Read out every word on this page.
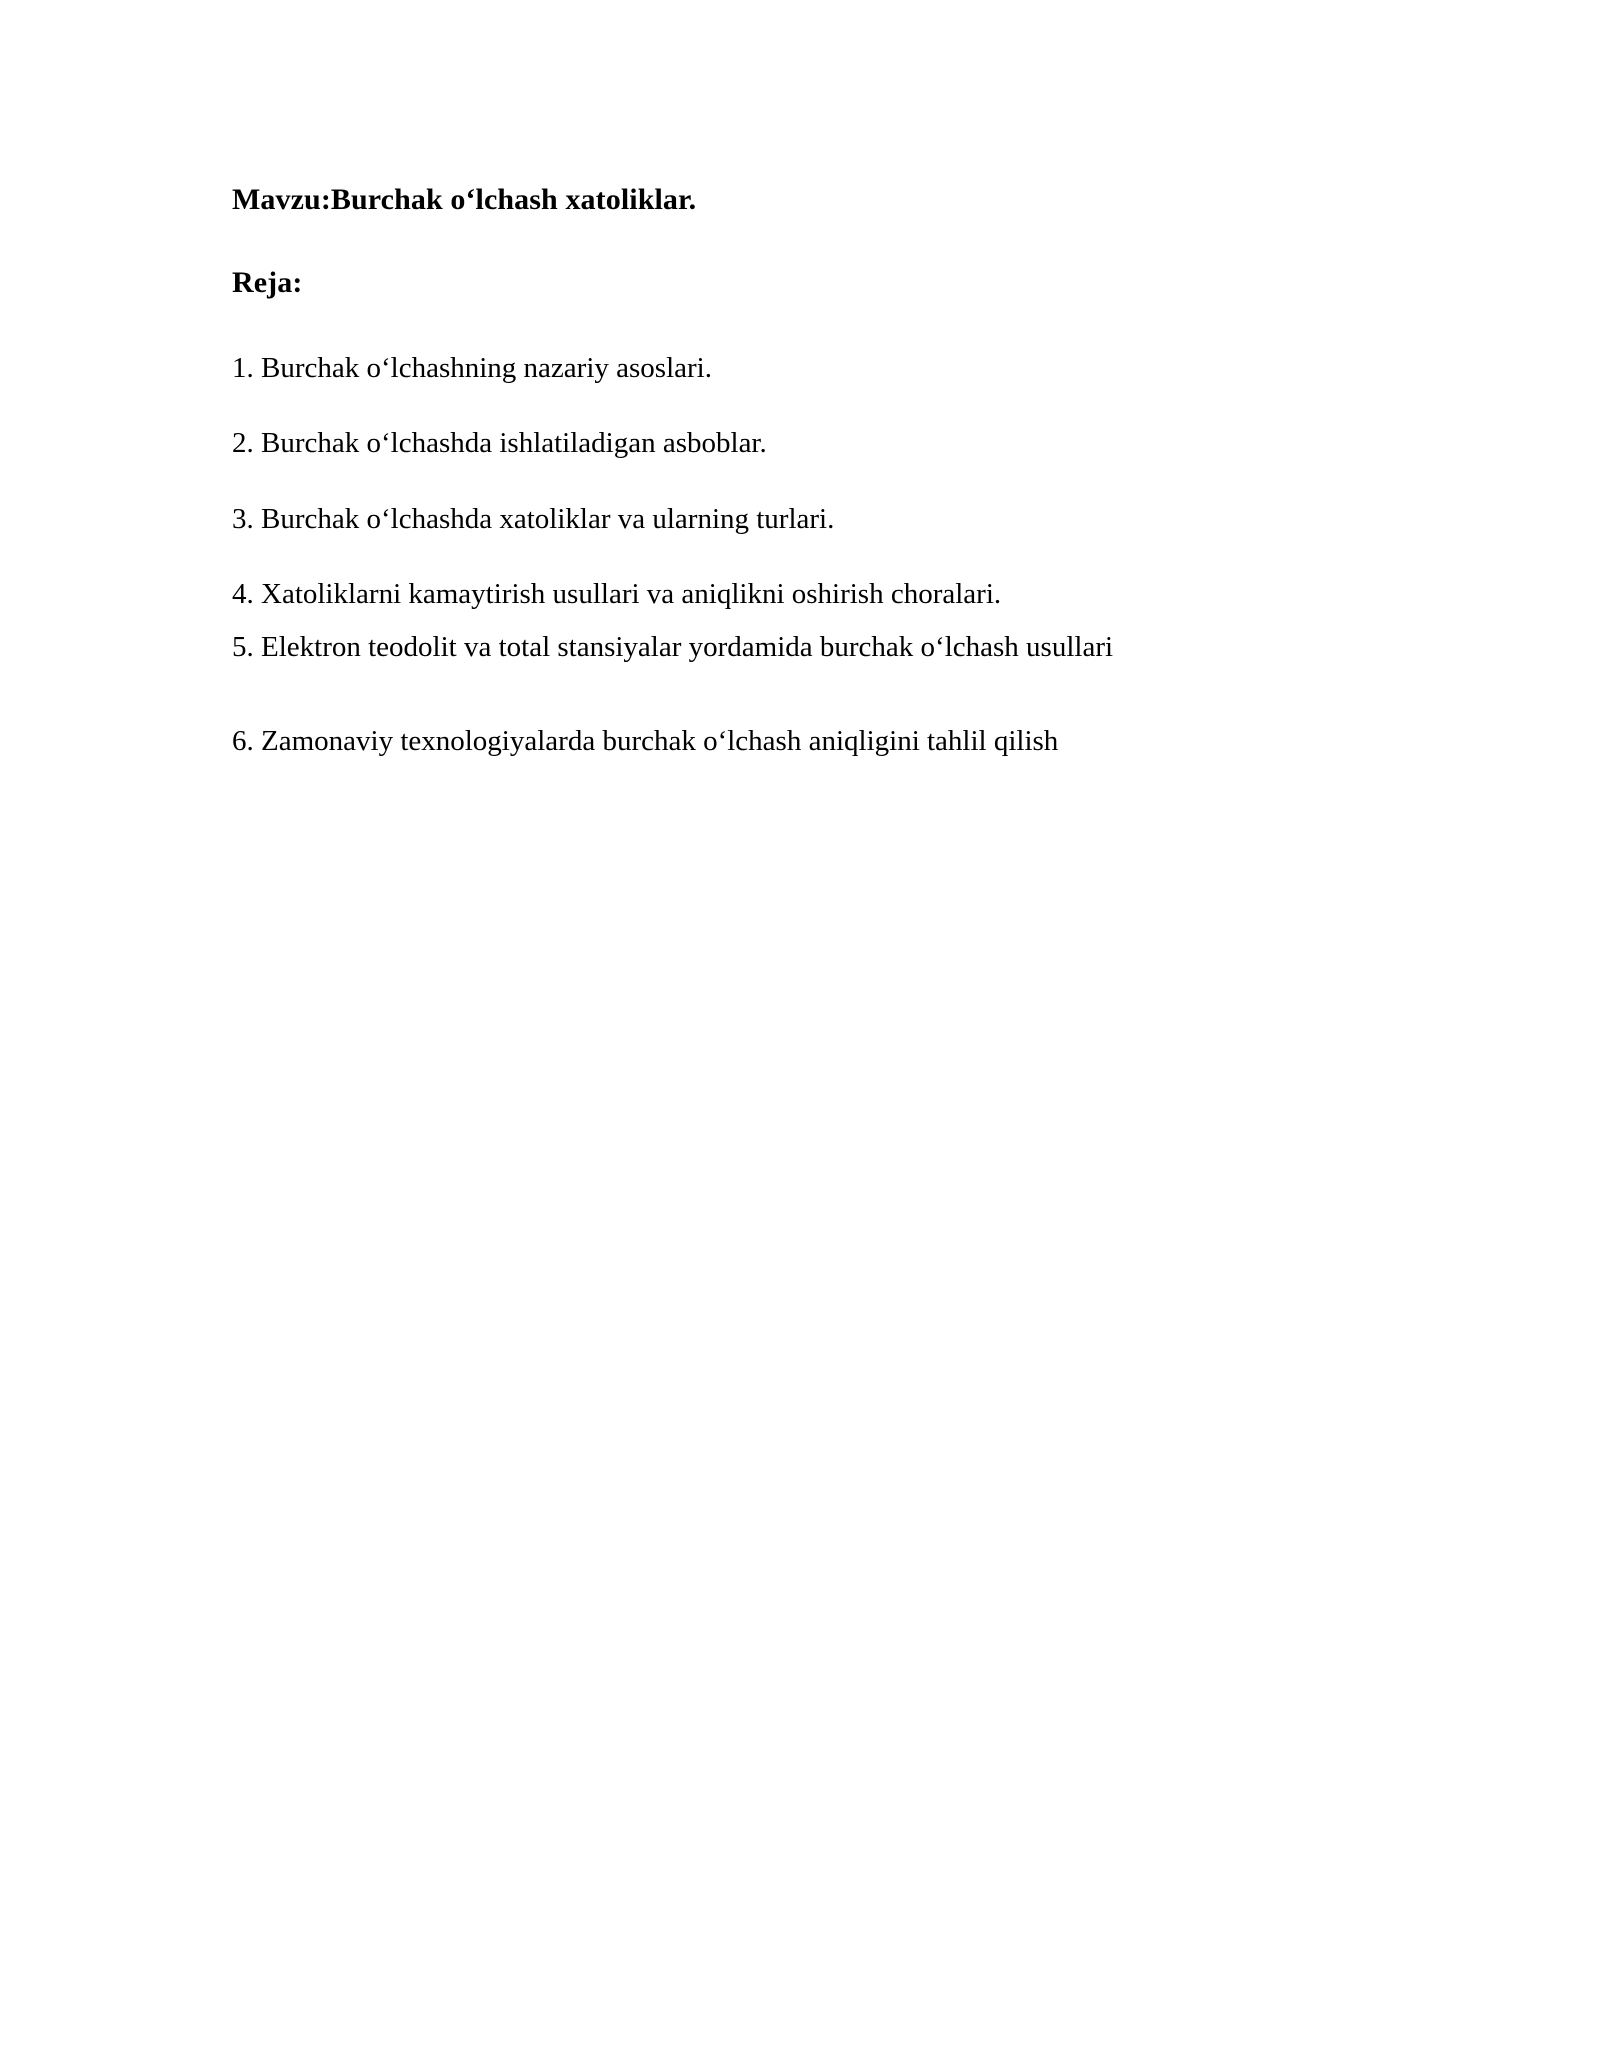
Mavzu:Burchak o‘lchash xatoliklar.
Reja:
1. Burchak o‘lchashning nazariy asoslari.
2. Burchak o‘lchashda ishlatiladigan asboblar.
3. Burchak o‘lchashda xatoliklar va ularning turlari.
4. Xatoliklarni kamaytirish usullari va aniqlikni oshirish choralari.
5. Elektron teodolit va total stansiyalar yordamida burchak o‘lchash usullari
6. Zamonaviy texnologiyalarda burchak o‘lchash aniqligini tahlil qilish
